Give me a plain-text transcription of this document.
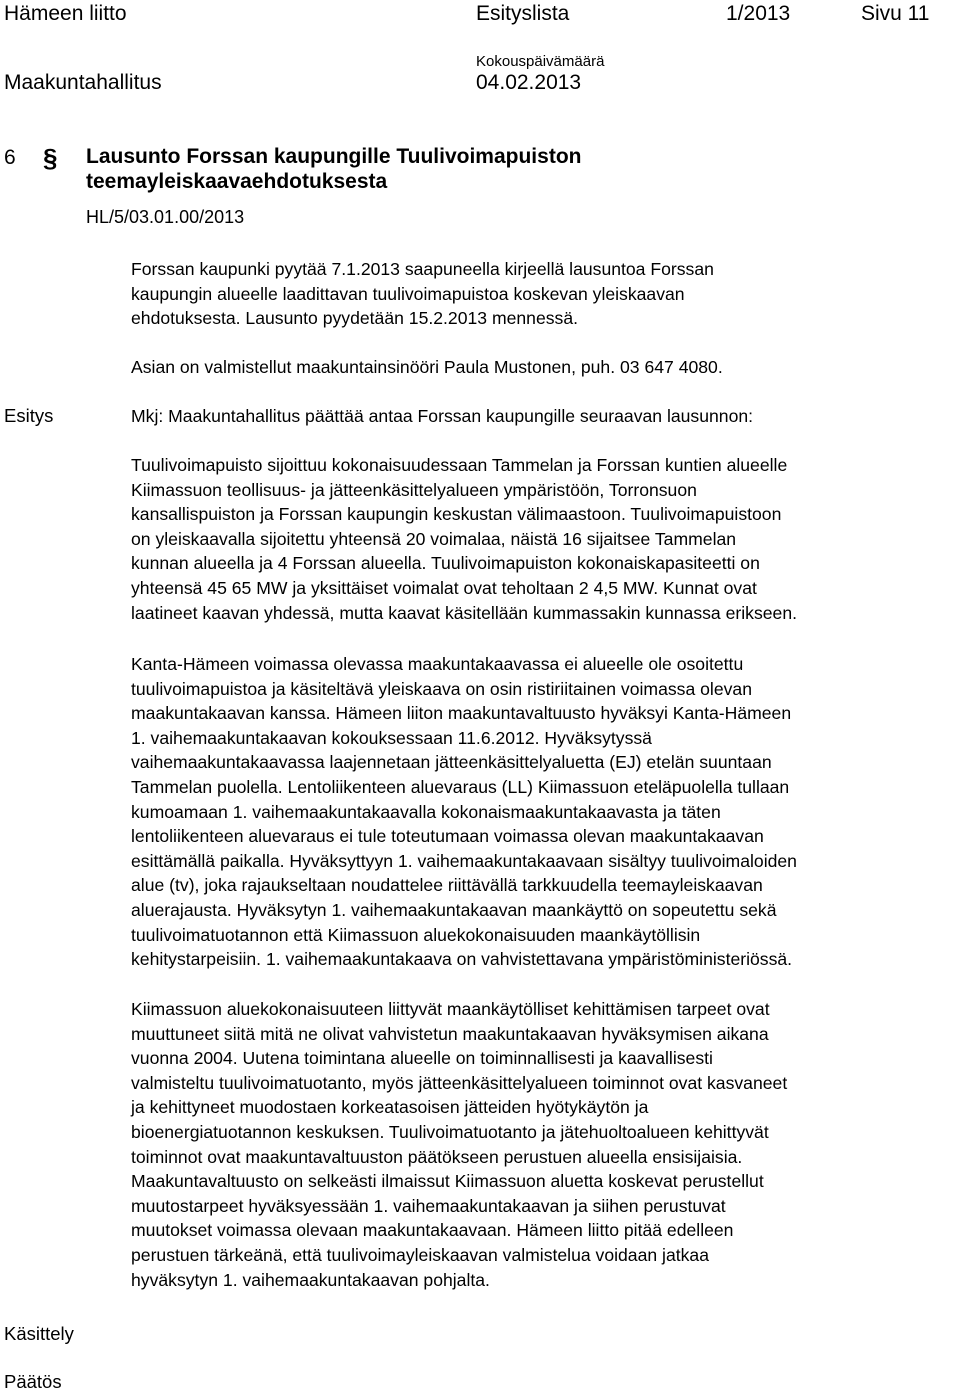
Hämeen liitto	Esityslista	1/2013	Sivu 11
Maakuntahallitus
Kokouspäivämäärä
04.02.2013
6 § Lausunto Forssan kaupungille Tuulivoimapuiston
teemayleiskaavaehdotuksesta
HL/5/03.01.00/2013
Forssan kaupunki pyytää 7.1.2013 saapuneella kirjeellä lausuntoa Forssan
kaupungin alueelle laadittavan tuulivoimapuistoa koskevan yleiskaavan
ehdotuksesta. Lausunto pyydetään 15.2.2013 mennessä.
Asian on valmistellut maakuntainsinööri Paula Mustonen, puh. 03 647 4080.
Esitys
Käsittely
Päätös
Mkj: Maakuntahallitus päättää antaa Forssan kaupungille seuraavan lausunnon:
Tuulivoimapuisto sijoittuu kokonaisuudessaan Tammelan ja Forssan kuntien alueelle
Kiimassuon teollisuus- ja jätteenkäsittelyalueen ympäristöön, Torronsuon
kansallispuiston ja Forssan kaupungin keskustan välimaastoon. Tuulivoimapuistoon
on yleiskaavalla sijoitettu yhteensä 20 voimalaa, näistä 16 sijaitsee Tammelan
kunnan alueella ja 4 Forssan alueella. Tuulivoimapuiston kokonaiskapasiteetti on
yhteensä 45 65 MW ja yksittäiset voimalat ovat teholtaan 2 4,5 MW. Kunnat ovat
laatineet kaavan yhdessä, mutta kaavat käsitellään kummassakin kunnassa erikseen.
Kanta-Hämeen voimassa olevassa maakuntakaavassa ei alueelle ole osoitettu
tuulivoimapuistoa ja käsiteltävä yleiskaava on osin ristiriitainen voimassa olevan
maakuntakaavan kanssa. Hämeen liiton maakuntavaltuusto hyväksyi Kanta-Hämeen
1. vaihemaakuntakaavan kokouksessaan 11.6.2012. Hyväksytyssä
vaihemaakuntakaavassa laajennetaan jätteenkäsittelyaluetta (EJ) etelän suuntaan
Tammelan puolella. Lentoliikenteen aluevaraus (LL) Kiimassuon eteläpuolella tullaan
kumoamaan 1. vaihemaakuntakaavalla kokonaismaakuntakaavasta ja täten
lentoliikenteen aluevaraus ei tule toteutumaan voimassa olevan maakuntakaavan
esittämällä paikalla. Hyväksyttyyn 1. vaihemaakuntakaavaan sisältyy tuulivoimaloiden
alue (tv), joka rajaukseltaan noudattelee riittävällä tarkkuudella teemayleiskaavan
aluerajausta. Hyväksytyn 1. vaihemaakuntakaavan maankäyttö on sopeutettu sekä
tuulivoimatuotannon että Kiimassuon aluekokonaisuuden maankäytöllisin
kehitystarpeisiin. 1. vaihemaakuntakaava on vahvistettavana ympäristöministeriössä.
Kiimassuon aluekokonaisuuteen liittyvät maankäytölliset kehittämisen tarpeet ovat
muuttuneet siitä mitä ne olivat vahvistetun maakuntakaavan hyväksymisen aikana
vuonna 2004. Uutena toimintana alueelle on toiminnallisesti ja kaavallisesti
valmisteltu tuulivoimatuotanto, myös jätteenkäsittelyalueen toiminnot ovat kasvaneet
ja kehittyneet muodostaen korkeatasoisen jätteiden hyötykäytön ja
bioenergiatuotannon keskuksen. Tuulivoimatuotanto ja jätehuoltoalueen kehittyvät
toiminnot ovat maakuntavaltuuston päätökseen perustuen alueella ensisijaisia.
Maakuntavaltuusto on selkeästi ilmaissut Kiimassuon aluetta koskevat perustellut
muutostarpeet hyväksyessään 1. vaihemaakuntakaavan ja siihen perustuvat
muutokset voimassa olevaan maakuntakaavaan. Hämeen liitto pitää edelleen
perustuen tärkeänä, että tuulivoimayleiskaavan valmistelua voidaan jatkaa
hyväksytyn 1. vaihemaakuntakaavan pohjalta.
